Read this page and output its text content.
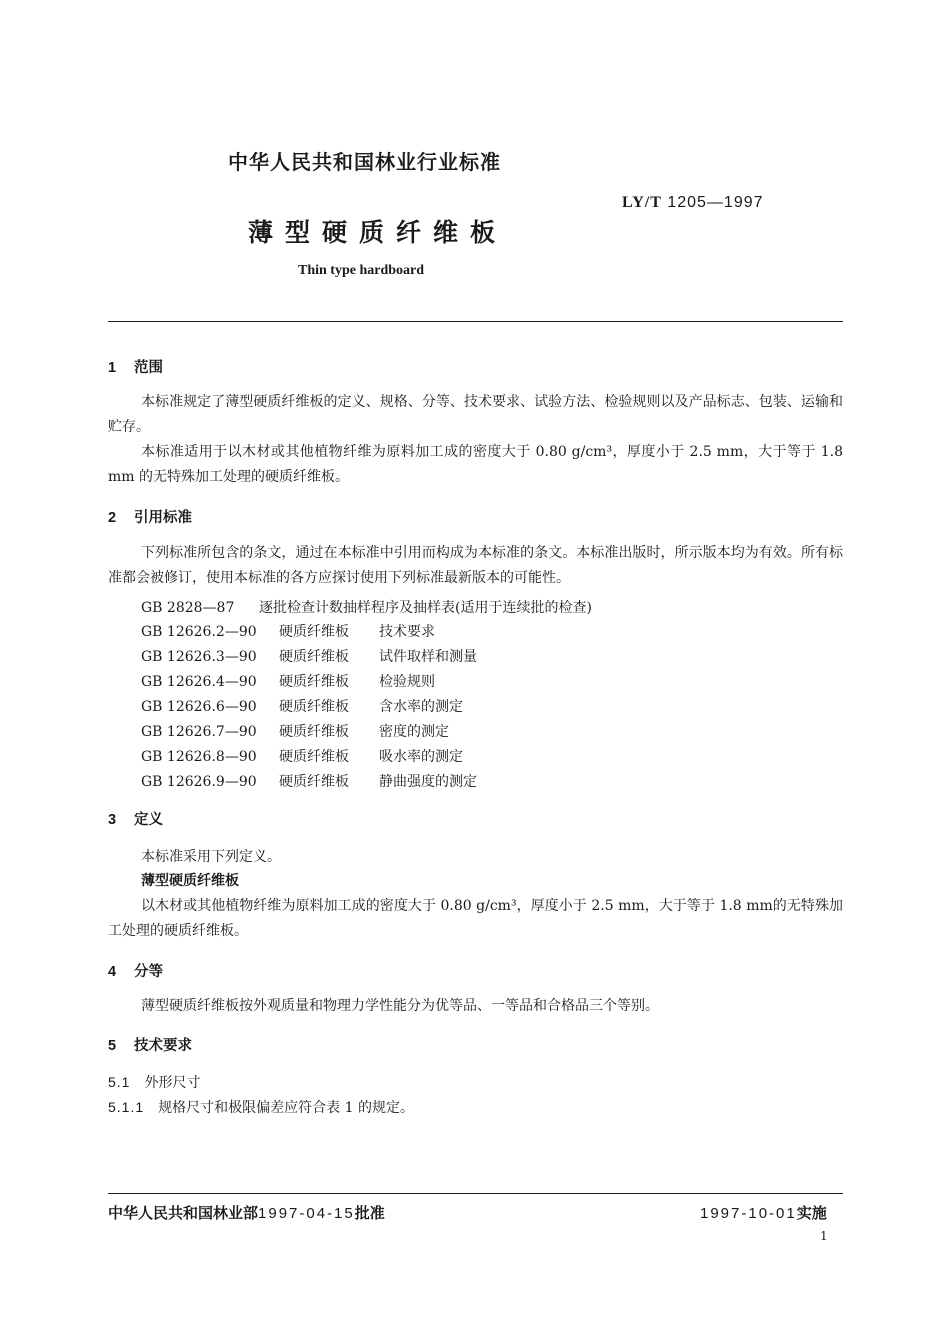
中华人民共和国林业行业标准
LY/T 1205—1997
薄型硬质纤维板
Thin type hardboard
1 范围
本标准规定了薄型硬质纤维板的定义、规格、分等、技术要求、试验方法、检验规则以及产品标志、包装、运输和贮存。
本标准适用于以木材或其他植物纤维为原料加工成的密度大于 0.80 g/cm³，厚度小于 2.5 mm，大于等于 1.8 mm 的无特殊加工处理的硬质纤维板。
2 引用标准
下列标准所包含的条文，通过在本标准中引用而构成为本标准的条文。本标准出版时，所示版本均为有效。所有标准都会被修订，使用本标准的各方应探讨使用下列标准最新版本的可能性。
GB 2828—87 逐批检查计数抽样程序及抽样表(适用于连续批的检查)
GB 12626.2—90 硬质纤维板 技术要求
GB 12626.3—90 硬质纤维板 试件取样和测量
GB 12626.4—90 硬质纤维板 检验规则
GB 12626.6—90 硬质纤维板 含水率的测定
GB 12626.7—90 硬质纤维板 密度的测定
GB 12626.8—90 硬质纤维板 吸水率的测定
GB 12626.9—90 硬质纤维板 静曲强度的测定
3 定义
本标准采用下列定义。
薄型硬质纤维板
以木材或其他植物纤维为原料加工成的密度大于 0.80 g/cm³，厚度小于 2.5 mm，大于等于 1.8 mm的无特殊加工处理的硬质纤维板。
4 分等
薄型硬质纤维板按外观质量和物理力学性能分为优等品、一等品和合格品三个等别。
5 技术要求
5.1 外形尺寸
5.1.1 规格尺寸和极限偏差应符合表 1 的规定。
中华人民共和国林业部1997-04-15批准	1997-10-01实施
1
